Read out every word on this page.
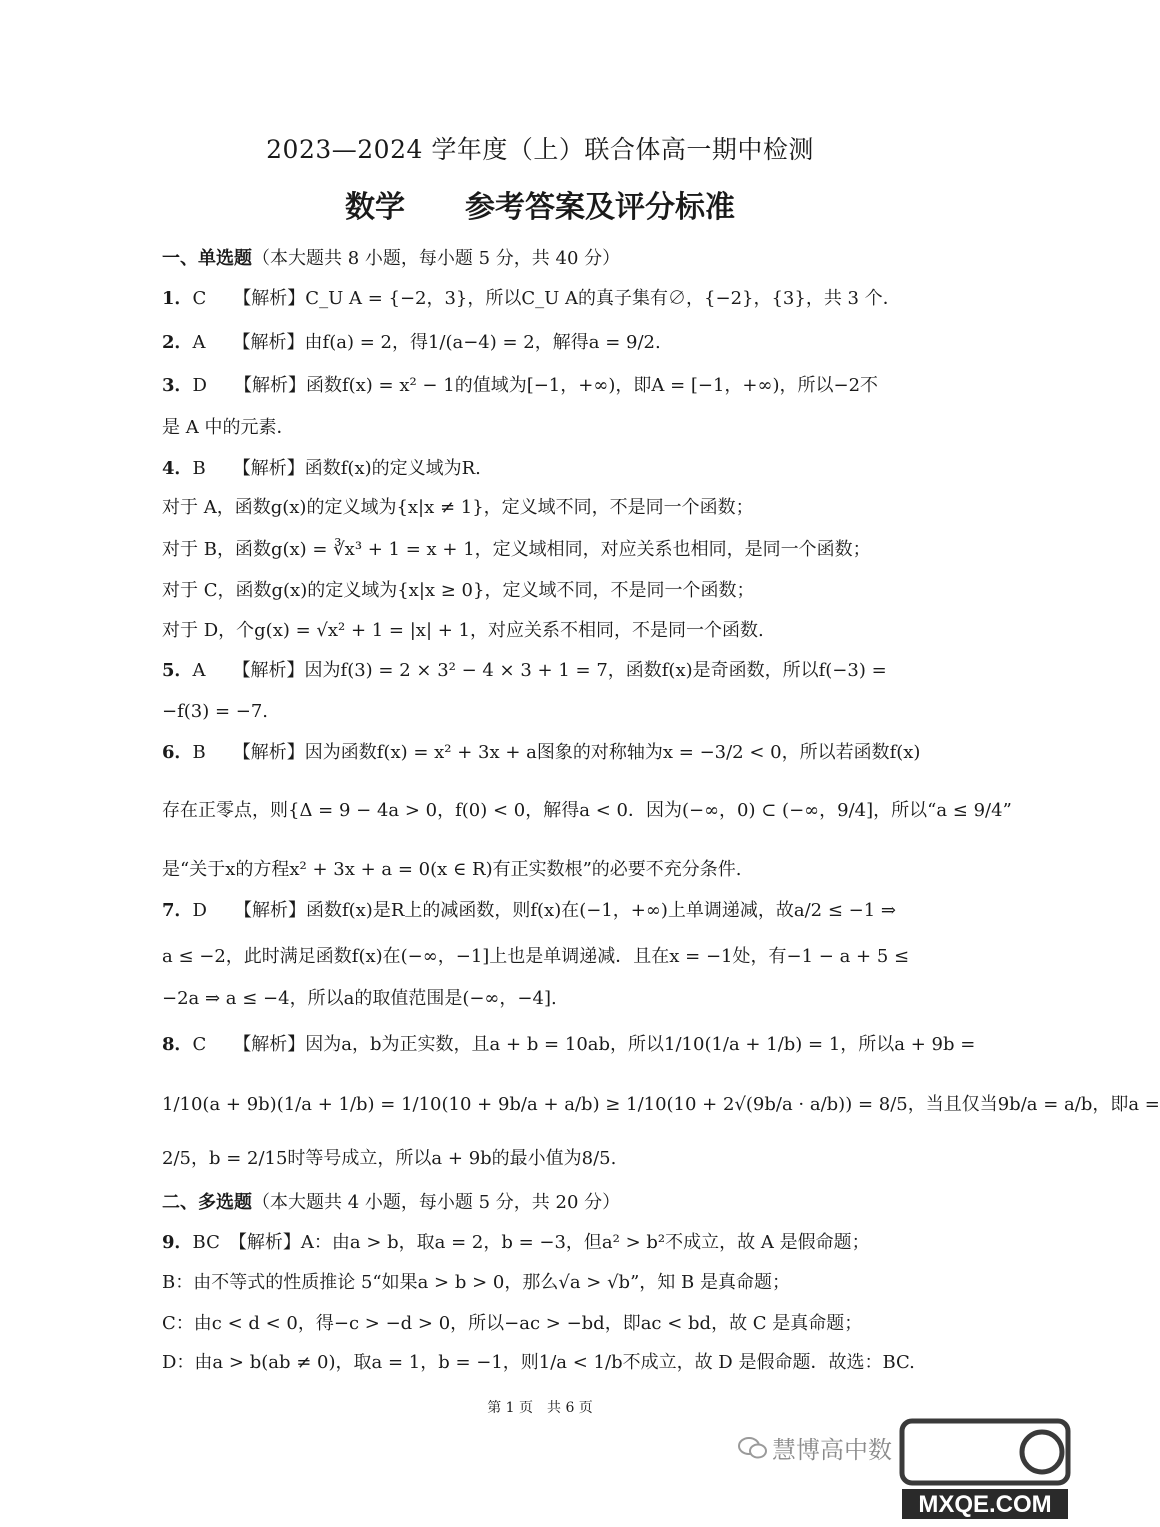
2023—2024 学年度（上）联合体高一期中检测
数学 参考答案及评分标准
一、单选题（本大题共 8 小题，每小题 5 分，共 40 分）
1．C　　【解析】C_U A = {−2，3}，所以C_U A的真子集有∅，{−2}，{3}，共 3 个．
2．A　　【解析】由f(a) = 2，得1/(a−4) = 2，解得a = 9/2.
3．D　　【解析】函数f(x) = x² − 1的值域为[−1，+∞)，即A = [−1，+∞)，所以−2不
是 A 中的元素．
4．B　　【解析】函数f(x)的定义域为R.
对于 A，函数g(x)的定义域为{x|x ≠ 1}，定义域不同，不是同一个函数；
对于 B，函数g(x) = ∛x³ + 1 = x + 1，定义域相同，对应关系也相同，是同一个函数；
对于 C，函数g(x)的定义域为{x|x ≥ 0}，定义域不同，不是同一个函数；
对于 D，个g(x) = √x² + 1 = |x| + 1，对应关系不相同，不是同一个函数.
5．A　　【解析】因为f(3) = 2 × 3² − 4 × 3 + 1 = 7，函数f(x)是奇函数，所以f(−3) =
−f(3) = −7.
6．B　　【解析】因为函数f(x) = x² + 3x + a图象的对称轴为x = −3/2 < 0，所以若函数f(x)
存在正零点，则{Δ = 9 − 4a > 0，f(0) < 0，解得a < 0．因为(−∞，0) ⊂ (−∞，9/4]，所以“a ≤ 9/4”
是“关于x的方程x² + 3x + a = 0(x ∈ R)有正实数根”的必要不充分条件.
7．D　　【解析】函数f(x)是R上的减函数，则f(x)在(−1，+∞)上单调递减，故a/2 ≤ −1 ⇒
a ≤ −2，此时满足函数f(x)在(−∞，−1]上也是单调递减．且在x = −1处，有−1 − a + 5 ≤
−2a ⇒ a ≤ −4，所以a的取值范围是(−∞，−4].
8．C　　【解析】因为a，b为正实数，且a + b = 10ab，所以1/10(1/a + 1/b) = 1，所以a + 9b =
1/10(a + 9b)(1/a + 1/b) = 1/10(10 + 9b/a + a/b) ≥ 1/10(10 + 2√(9b/a · a/b)) = 8/5，当且仅当9b/a = a/b，即a =
2/5，b = 2/15时等号成立，所以a + 9b的最小值为8/5.
二、多选题（本大题共 4 小题，每小题 5 分，共 20 分）
9．BC　【解析】A：由a > b，取a = 2，b = −3，但a² > b²不成立，故 A 是假命题；
B：由不等式的性质推论 5“如果a > b > 0，那么√a > √b”，知 B 是真命题；
C：由c < d < 0，得−c > −d > 0，所以−ac > −bd，即ac < bd，故 C 是真命题；
D：由a > b(ab ≠ 0)，取a = 1，b = −1，则1/a < 1/b不成立，故 D 是假命题．故选：BC.
第 1 页　共 6 页
慧博高中数
MXQE.COM
